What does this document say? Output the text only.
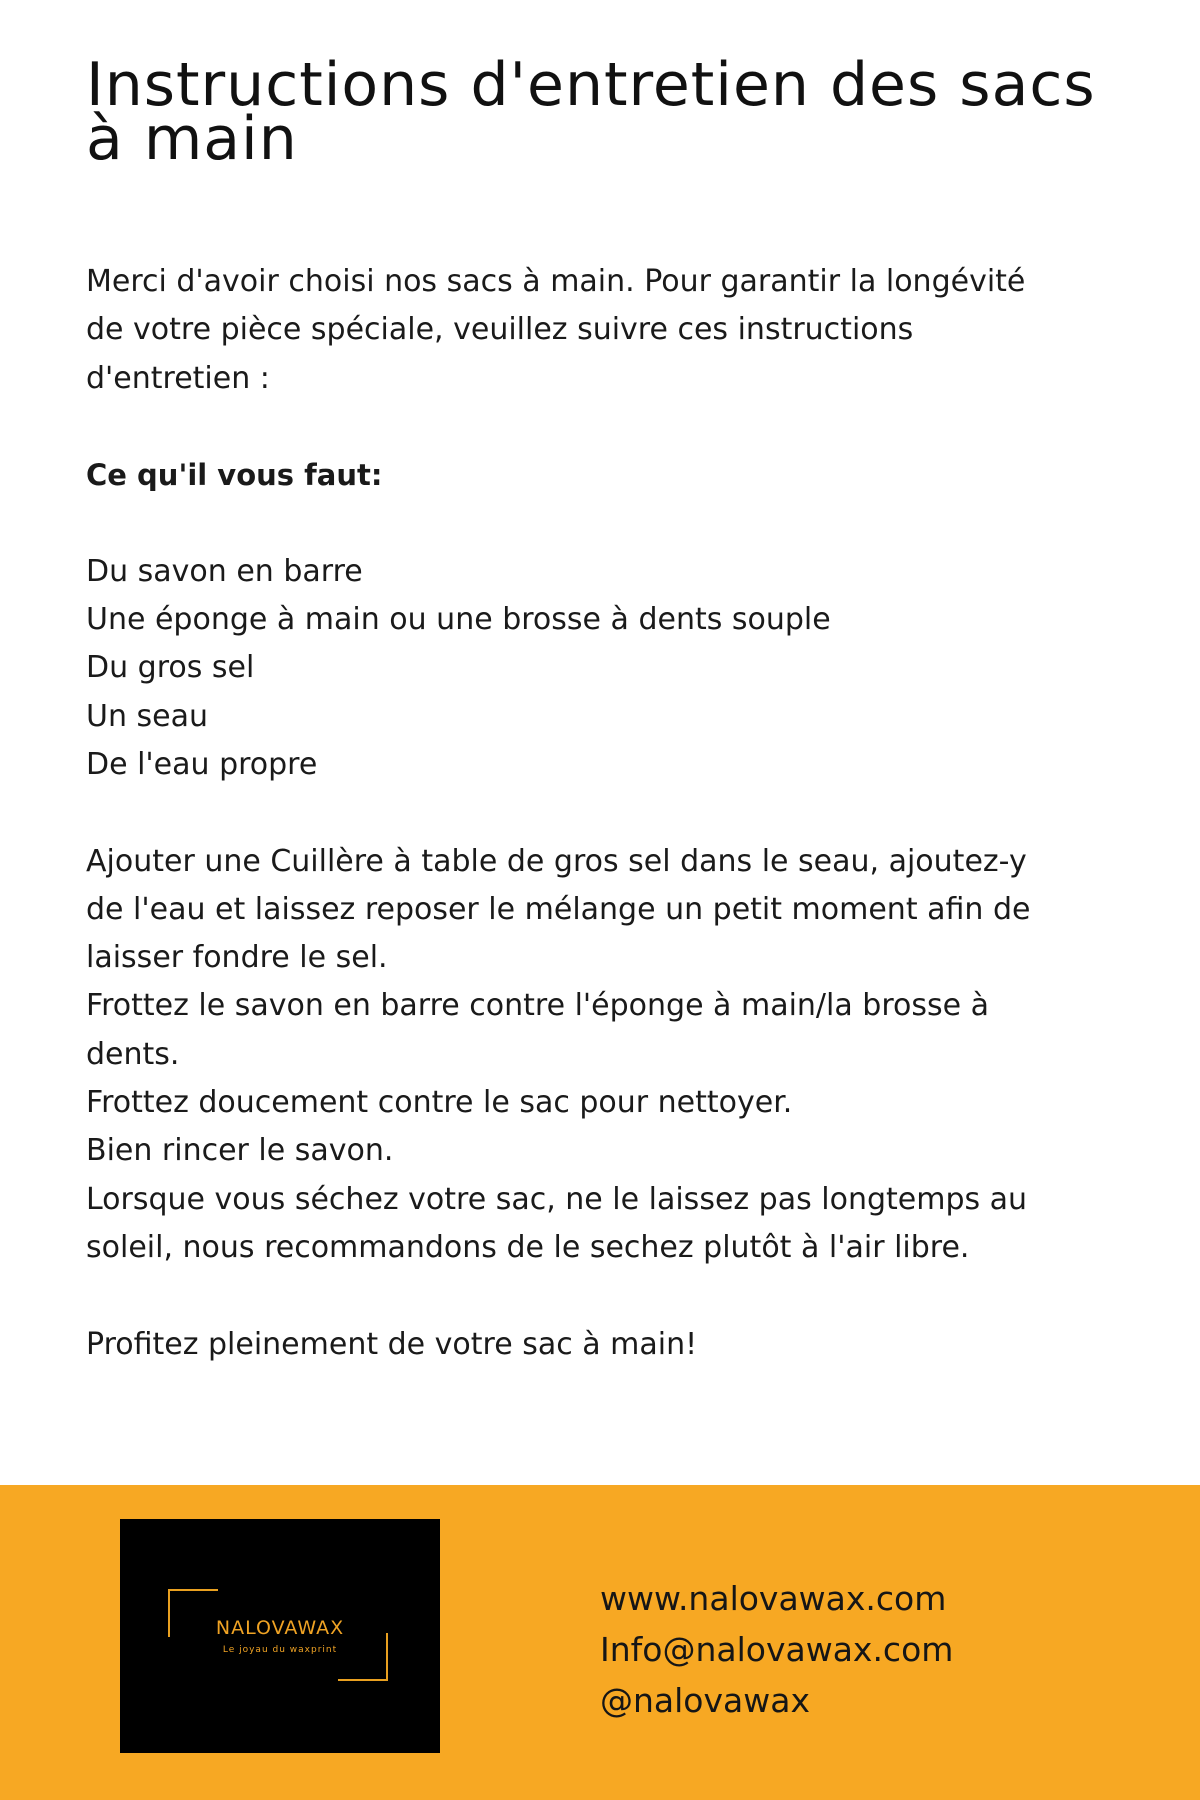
Instructions d'entretien des sacs à main

Merci d'avoir choisi nos sacs à main. Pour garantir la longévité

de votre pièce spéciale, veuillez suivre ces instructions

d'entretien :

Ce qu'il vous faut:

Du savon en barre

Une éponge à main ou une brosse à dents souple

Du gros sel

Un seau

De l'eau propre

Ajouter une Cuillère à table de gros sel dans le seau, ajoutez-y

de l'eau et laissez reposer le mélange un petit moment afin de

laisser fondre le sel.

Frottez le savon en barre contre l'éponge à main/la brosse à

dents.

Frottez doucement contre le sac pour nettoyer.

Bien rincer le savon.

Lorsque vous séchez votre sac, ne le laissez pas longtemps au

soleil, nous recommandons de le sechez plutôt à l'air libre.

Profitez pleinement de votre sac à main!

NALOVAWAX
Le joyau du waxprint
www.nalovawax.com
Info@nalovawax.com
@nalovawax
